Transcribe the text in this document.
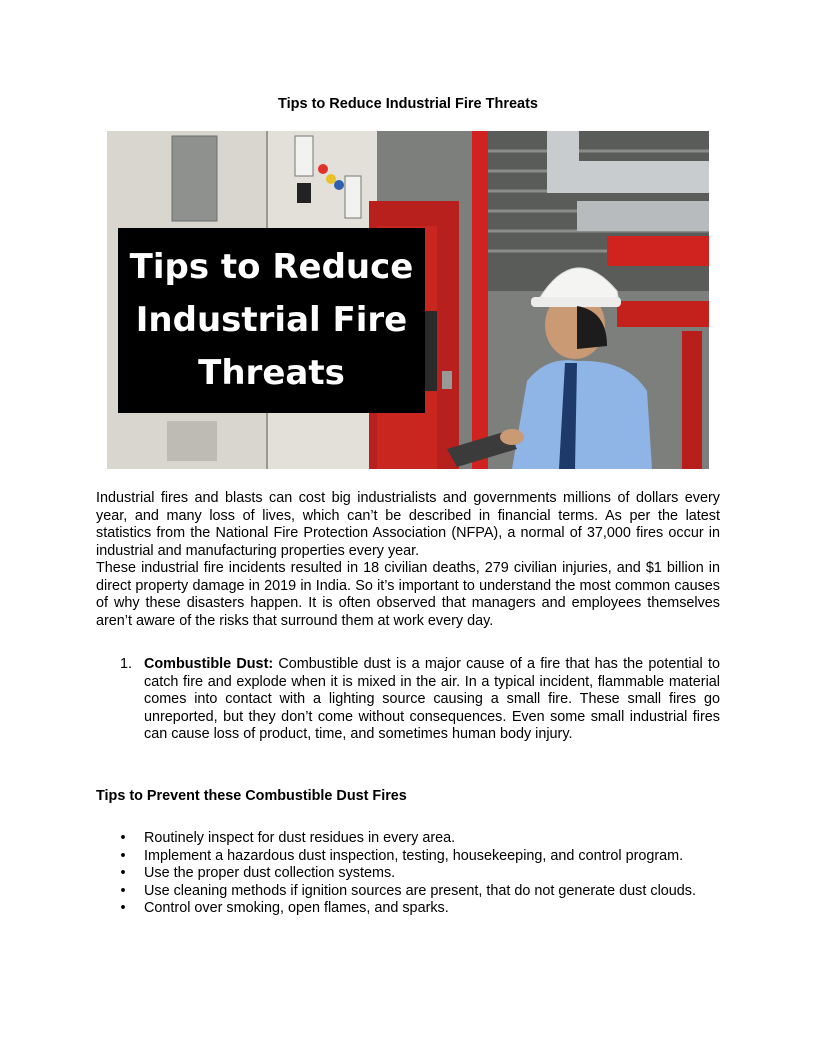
Tips to Reduce Industrial Fire Threats
Tips to Reduce
Industrial Fire
Threats
Industrial fires and blasts can cost big industrialists and governments millions of dollars every year, and many loss of lives, which can’t be described in financial terms. As per the latest statistics from the National Fire Protection Association (NFPA), a normal of 37,000 fires occur in industrial and manufacturing properties every year.
These industrial fire incidents resulted in 18 civilian deaths, 279 civilian injuries, and $1 billion in direct property damage in 2019 in India. So it’s important to understand the most common causes of why these disasters happen. It is often observed that managers and employees themselves aren’t aware of the risks that surround them at work every day.
1. Combustible Dust: Combustible dust is a major cause of a fire that has the potential to catch fire and explode when it is mixed in the air. In a typical incident, flammable material comes into contact with a lighting source causing a small fire. These small fires go unreported, but they don’t come without consequences. Even some small industrial fires can cause loss of product, time, and sometimes human body injury.
Tips to Prevent these Combustible Dust Fires
• Routinely inspect for dust residues in every area.
• Implement a hazardous dust inspection, testing, housekeeping, and control program.
• Use the proper dust collection systems.
• Use cleaning methods if ignition sources are present, that do not generate dust clouds.
• Control over smoking, open flames, and sparks.
